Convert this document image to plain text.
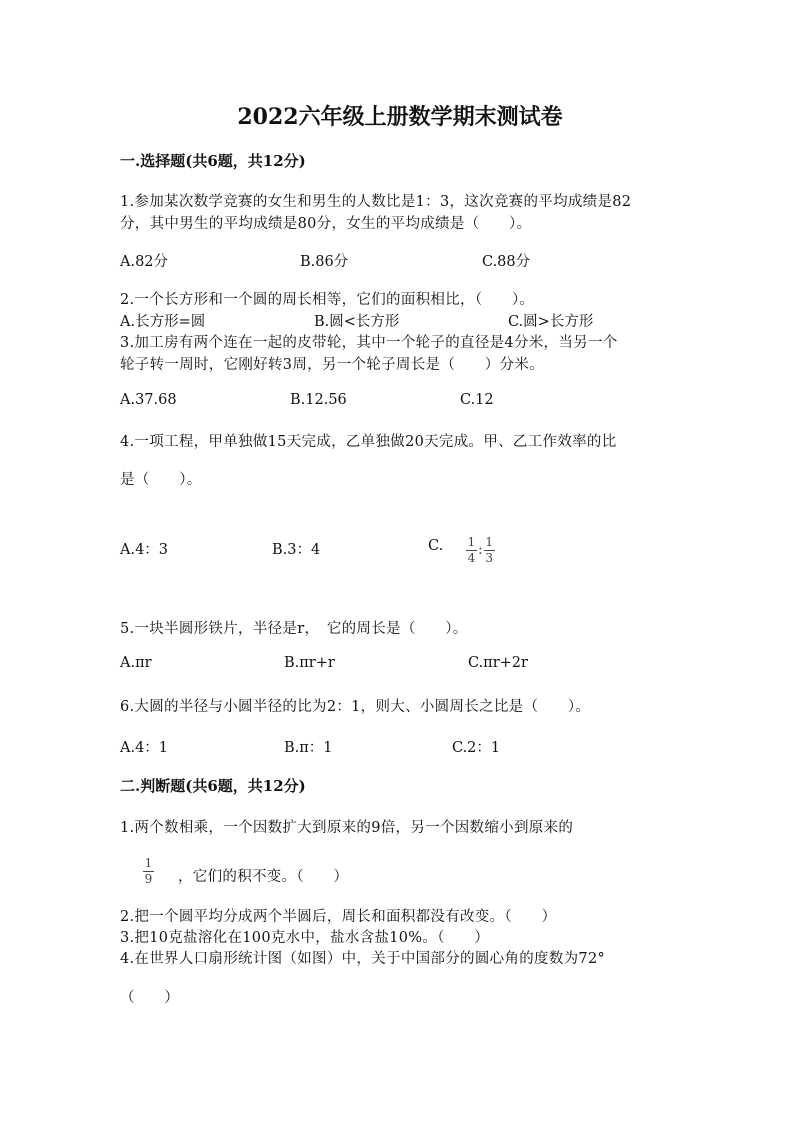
2022六年级上册数学期末测试卷
一.选择题(共6题，共12分)
1.参加某次数学竞赛的女生和男生的人数比是1：3，这次竞赛的平均成绩是82
分，其中男生的平均成绩是80分，女生的平均成绩是（　　）。
A.82分	B.86分	C.88分
2.一个长方形和一个圆的周长相等，它们的面积相比，（　　）。
A.长方形=圆	B.圆<长方形	C.圆>长方形
3.加工房有两个连在一起的皮带轮，其中一个轮子的直径是4分米，当另一个
轮子转一周时，它刚好转3周，另一个轮子周长是（　　）分米。
A.37.68	B.12.56	C.12
4.一项工程，甲单独做15天完成，乙单独做20天完成。甲、乙工作效率的比
是（　　）。
A.4：3	B.3：4	C. $\frac{1}{4}$ : $\frac{1}{3}$
5.一块半圆形铁片，半径是r，　它的周长是（　　）。
A.πr	B.πr+r	C.πr+2r
6.大圆的半径与小圆半径的比为2：1，则大、小圆周长之比是（　　）。
A.4：1	B.π：1	C.2：1
二.判断题(共6题，共12分)
1.两个数相乘，一个因数扩大到原来的9倍，另一个因数缩小到原来的
$\frac{1}{9}$ ，它们的积不变。（　　）
2.把一个圆平均分成两个半圆后，周长和面积都没有改变。（　　）
3.把10克盐溶化在100克水中，盐水含盐10%。（　　）
4.在世界人口扇形统计图（如图）中，关于中国部分的圆心角的度数为72°
（　　）
